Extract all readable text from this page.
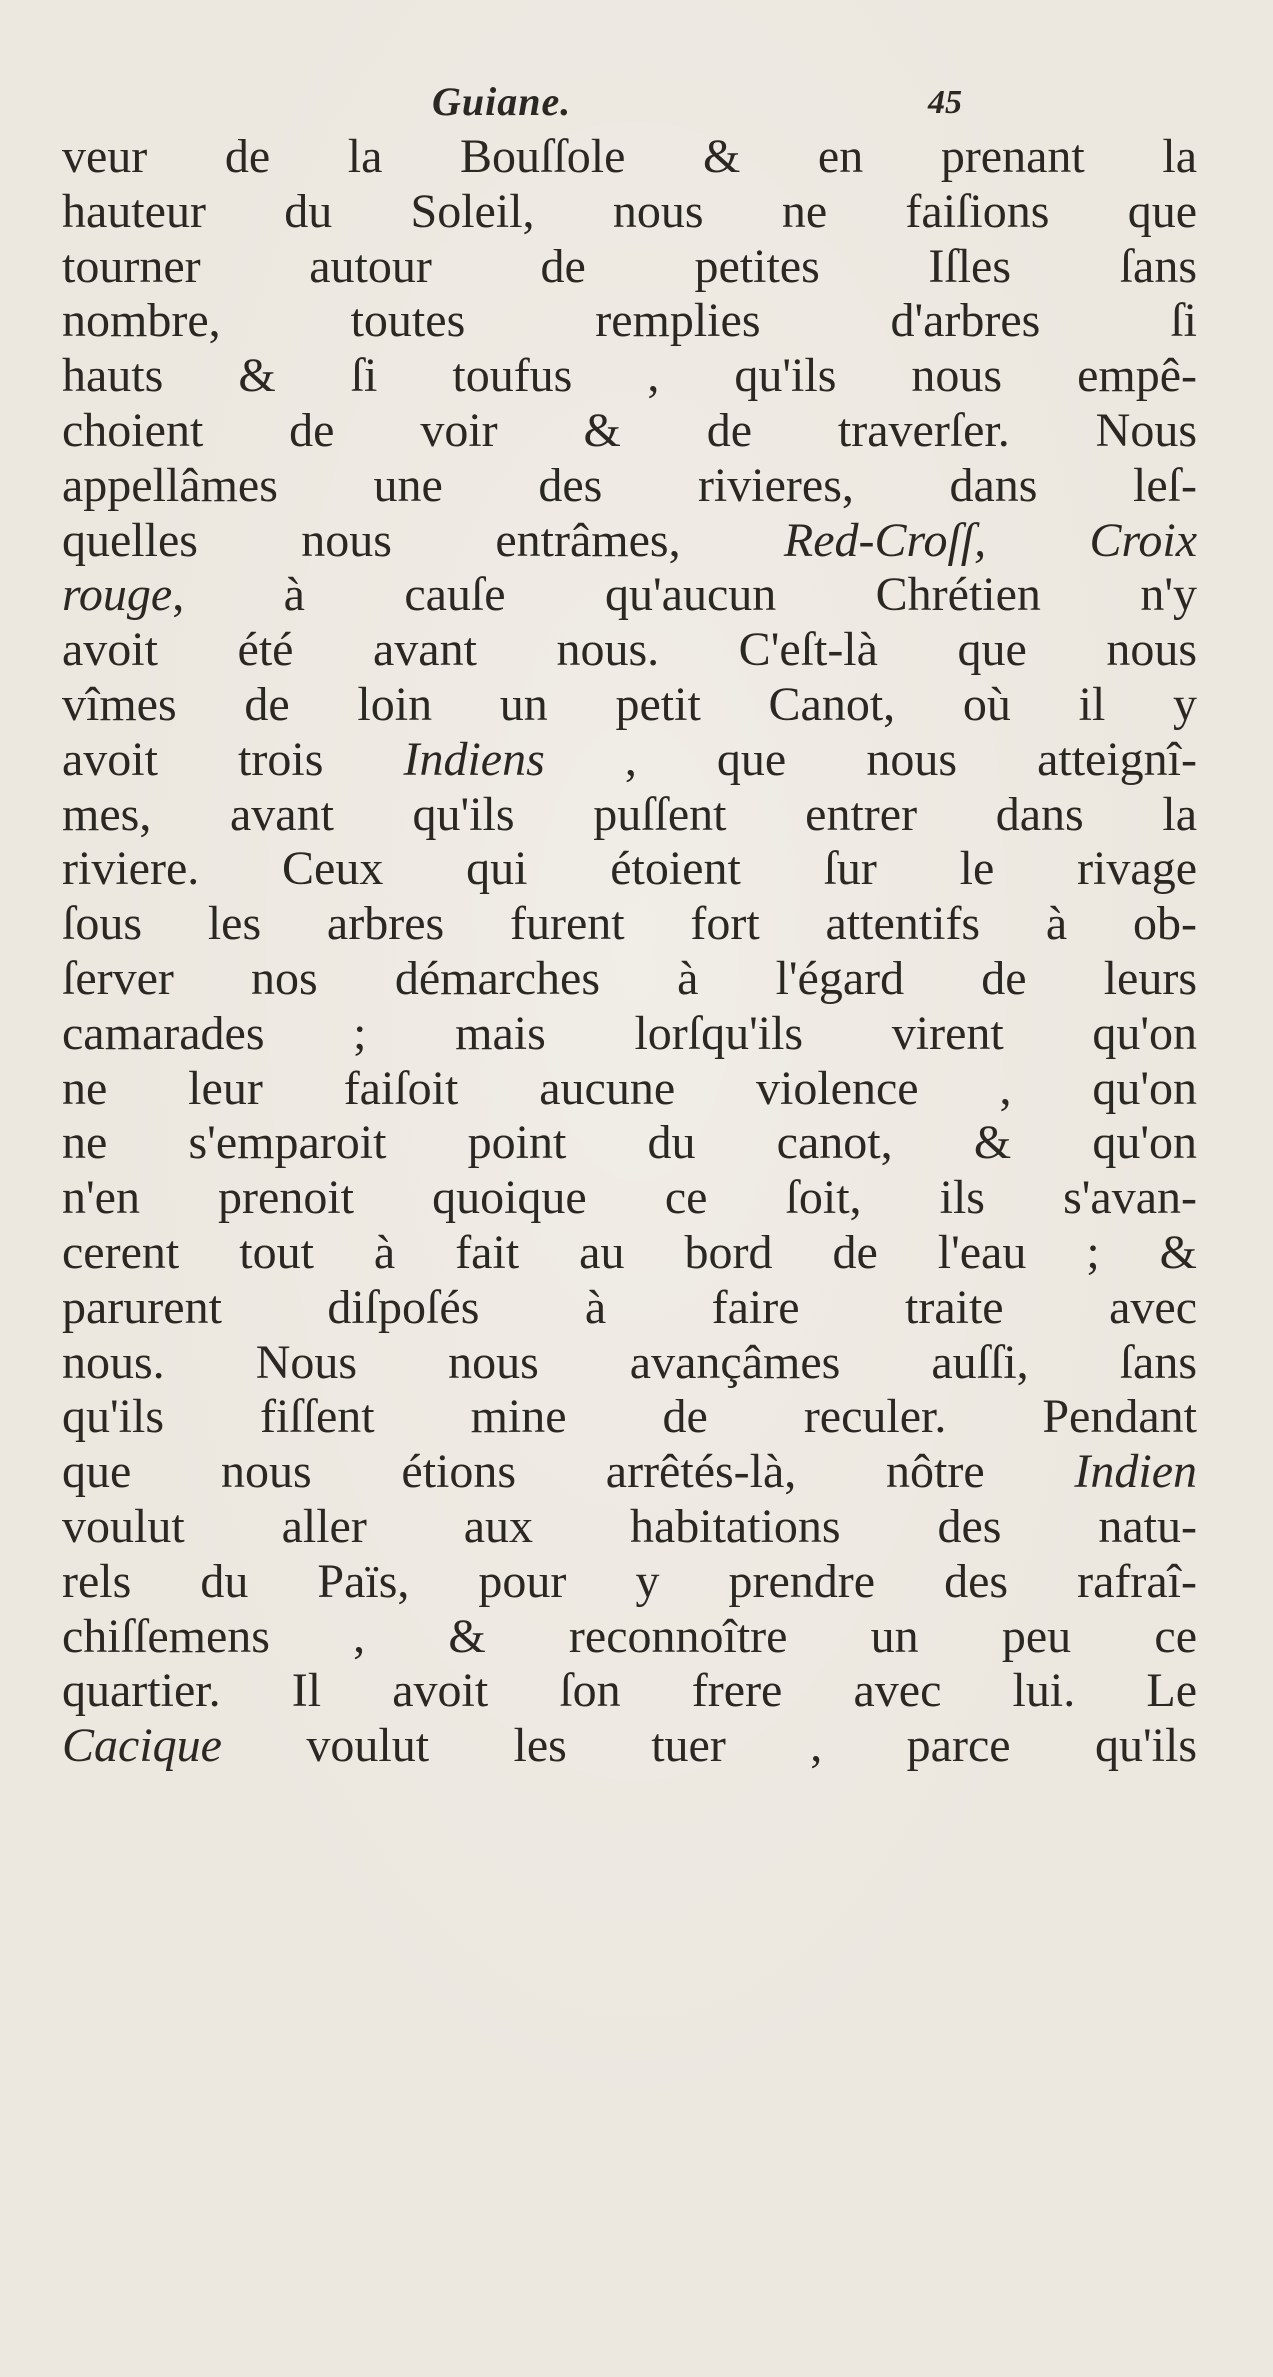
Guiane.	45
veur de la Bouſſole & en prenant la
hauteur du Soleil, nous ne faiſions que
tourner autour de petites Iſles ſans
nombre, toutes remplies d'arbres ſi
hauts & ſi toufus , qu'ils nous empê-
choient de voir & de traverſer. Nous
appellâmes une des rivieres, dans leſ-
quelles nous entrâmes, Red-Croſſ, Croix
rouge, à cauſe qu'aucun Chrétien n'y
avoit été avant nous. C'eſt-là que nous
vîmes de loin un petit Canot, où il y
avoit trois Indiens , que nous atteignî-
mes, avant qu'ils puſſent entrer dans la
riviere. Ceux qui étoient ſur le rivage
ſous les arbres furent fort attentifs à ob-
ſerver nos démarches à l'égard de leurs
camarades ; mais lorſqu'ils virent qu'on
ne leur faiſoit aucune violence , qu'on
ne s'emparoit point du canot, & qu'on
n'en prenoit quoique ce ſoit, ils s'avan-
cerent tout à fait au bord de l'eau ; &
parurent diſpoſés à faire traite avec
nous. Nous nous avançâmes auſſi, ſans
qu'ils fiſſent mine de reculer. Pendant
que nous étions arrêtés-là, nôtre Indien
voulut aller aux habitations des natu-
rels du Païs, pour y prendre des rafraî-
chiſſemens , & reconnoître un peu ce
quartier. Il avoit ſon frere avec lui. Le
Cacique voulut les tuer , parce qu'ils
